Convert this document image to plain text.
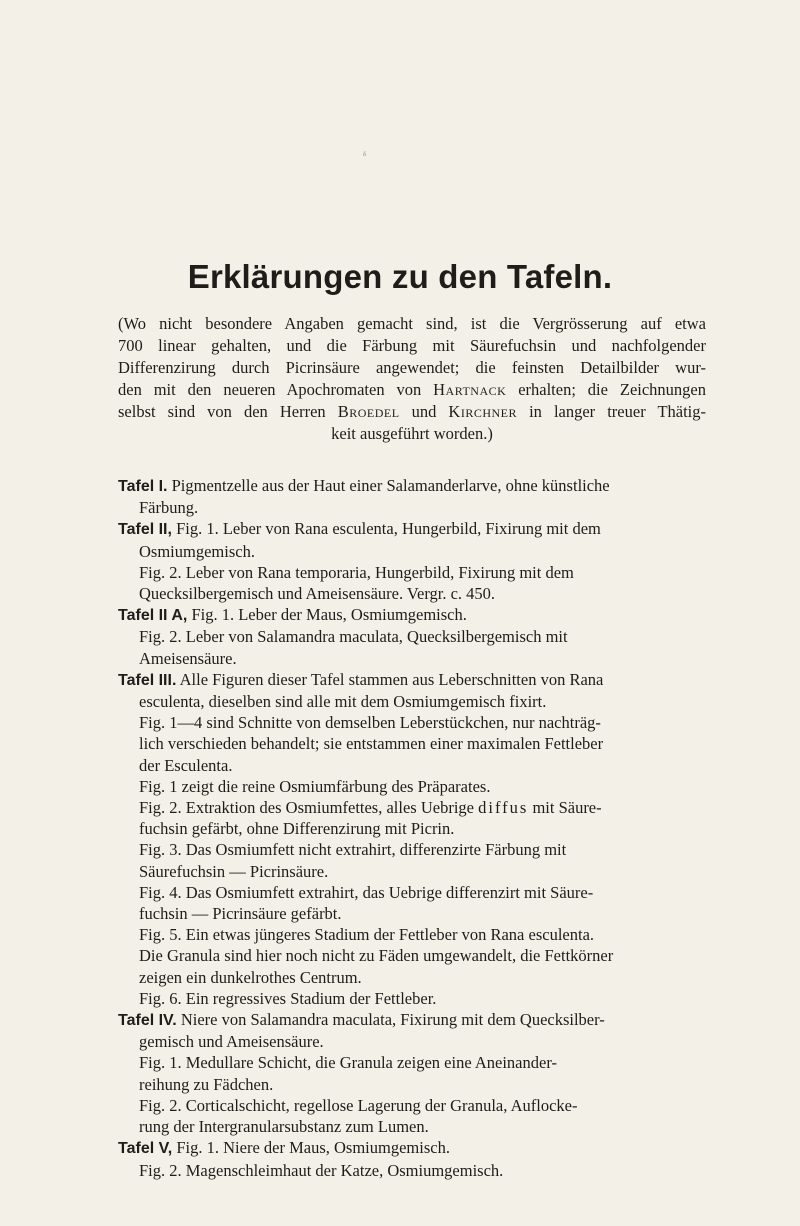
ᵟ
Erklärungen zu den Tafeln.
(Wo nicht besondere Angaben gemacht sind, ist die Vergrösserung auf etwa
700 linear gehalten, und die Färbung mit Säurefuchsin und nachfolgender
Differenzirung durch Picrinsäure angewendet; die feinsten Detailbilder wur-
den mit den neueren Apochromaten von Hartnack erhalten; die Zeichnungen
selbst sind von den Herren Broedel und Kirchner in langer treuer Thätig-
keit ausgeführt worden.)
Tafel I. Pigmentzelle aus der Haut einer Salamanderlarve, ohne künstliche
Färbung.
Tafel II, Fig. 1. Leber von Rana esculenta, Hungerbild, Fixirung mit dem
Osmiumgemisch.
Fig. 2. Leber von Rana temporaria, Hungerbild, Fixirung mit dem
Quecksilbergemisch und Ameisensäure. Vergr. c. 450.
Tafel II A, Fig. 1. Leber der Maus, Osmiumgemisch.
Fig. 2. Leber von Salamandra maculata, Quecksilbergemisch mit
Ameisensäure.
Tafel III. Alle Figuren dieser Tafel stammen aus Leberschnitten von Rana
esculenta, dieselben sind alle mit dem Osmiumgemisch fixirt.
Fig. 1—4 sind Schnitte von demselben Leberstückchen, nur nachträg-
lich verschieden behandelt; sie entstammen einer maximalen Fettleber
der Esculenta.
Fig. 1 zeigt die reine Osmiumfärbung des Präparates.
Fig. 2. Extraktion des Osmiumfettes, alles Uebrige diffus mit Säure-
fuchsin gefärbt, ohne Differenzirung mit Picrin.
Fig. 3. Das Osmiumfett nicht extrahirt, differenzirte Färbung mit
Säurefuchsin — Picrinsäure.
Fig. 4. Das Osmiumfett extrahirt, das Uebrige differenzirt mit Säure-
fuchsin — Picrinsäure gefärbt.
Fig. 5. Ein etwas jüngeres Stadium der Fettleber von Rana esculenta.
Die Granula sind hier noch nicht zu Fäden umgewandelt, die Fettkörner
zeigen ein dunkelrothes Centrum.
Fig. 6. Ein regressives Stadium der Fettleber.
Tafel IV. Niere von Salamandra maculata, Fixirung mit dem Quecksilber-
gemisch und Ameisensäure.
Fig. 1. Medullare Schicht, die Granula zeigen eine Aneinander-
reihung zu Fädchen.
Fig. 2. Corticalschicht, regellose Lagerung der Granula, Auflocke-
rung der Intergranularsubstanz zum Lumen.
Tafel V, Fig. 1. Niere der Maus, Osmiumgemisch.
Fig. 2. Magenschleimhaut der Katze, Osmiumgemisch.
